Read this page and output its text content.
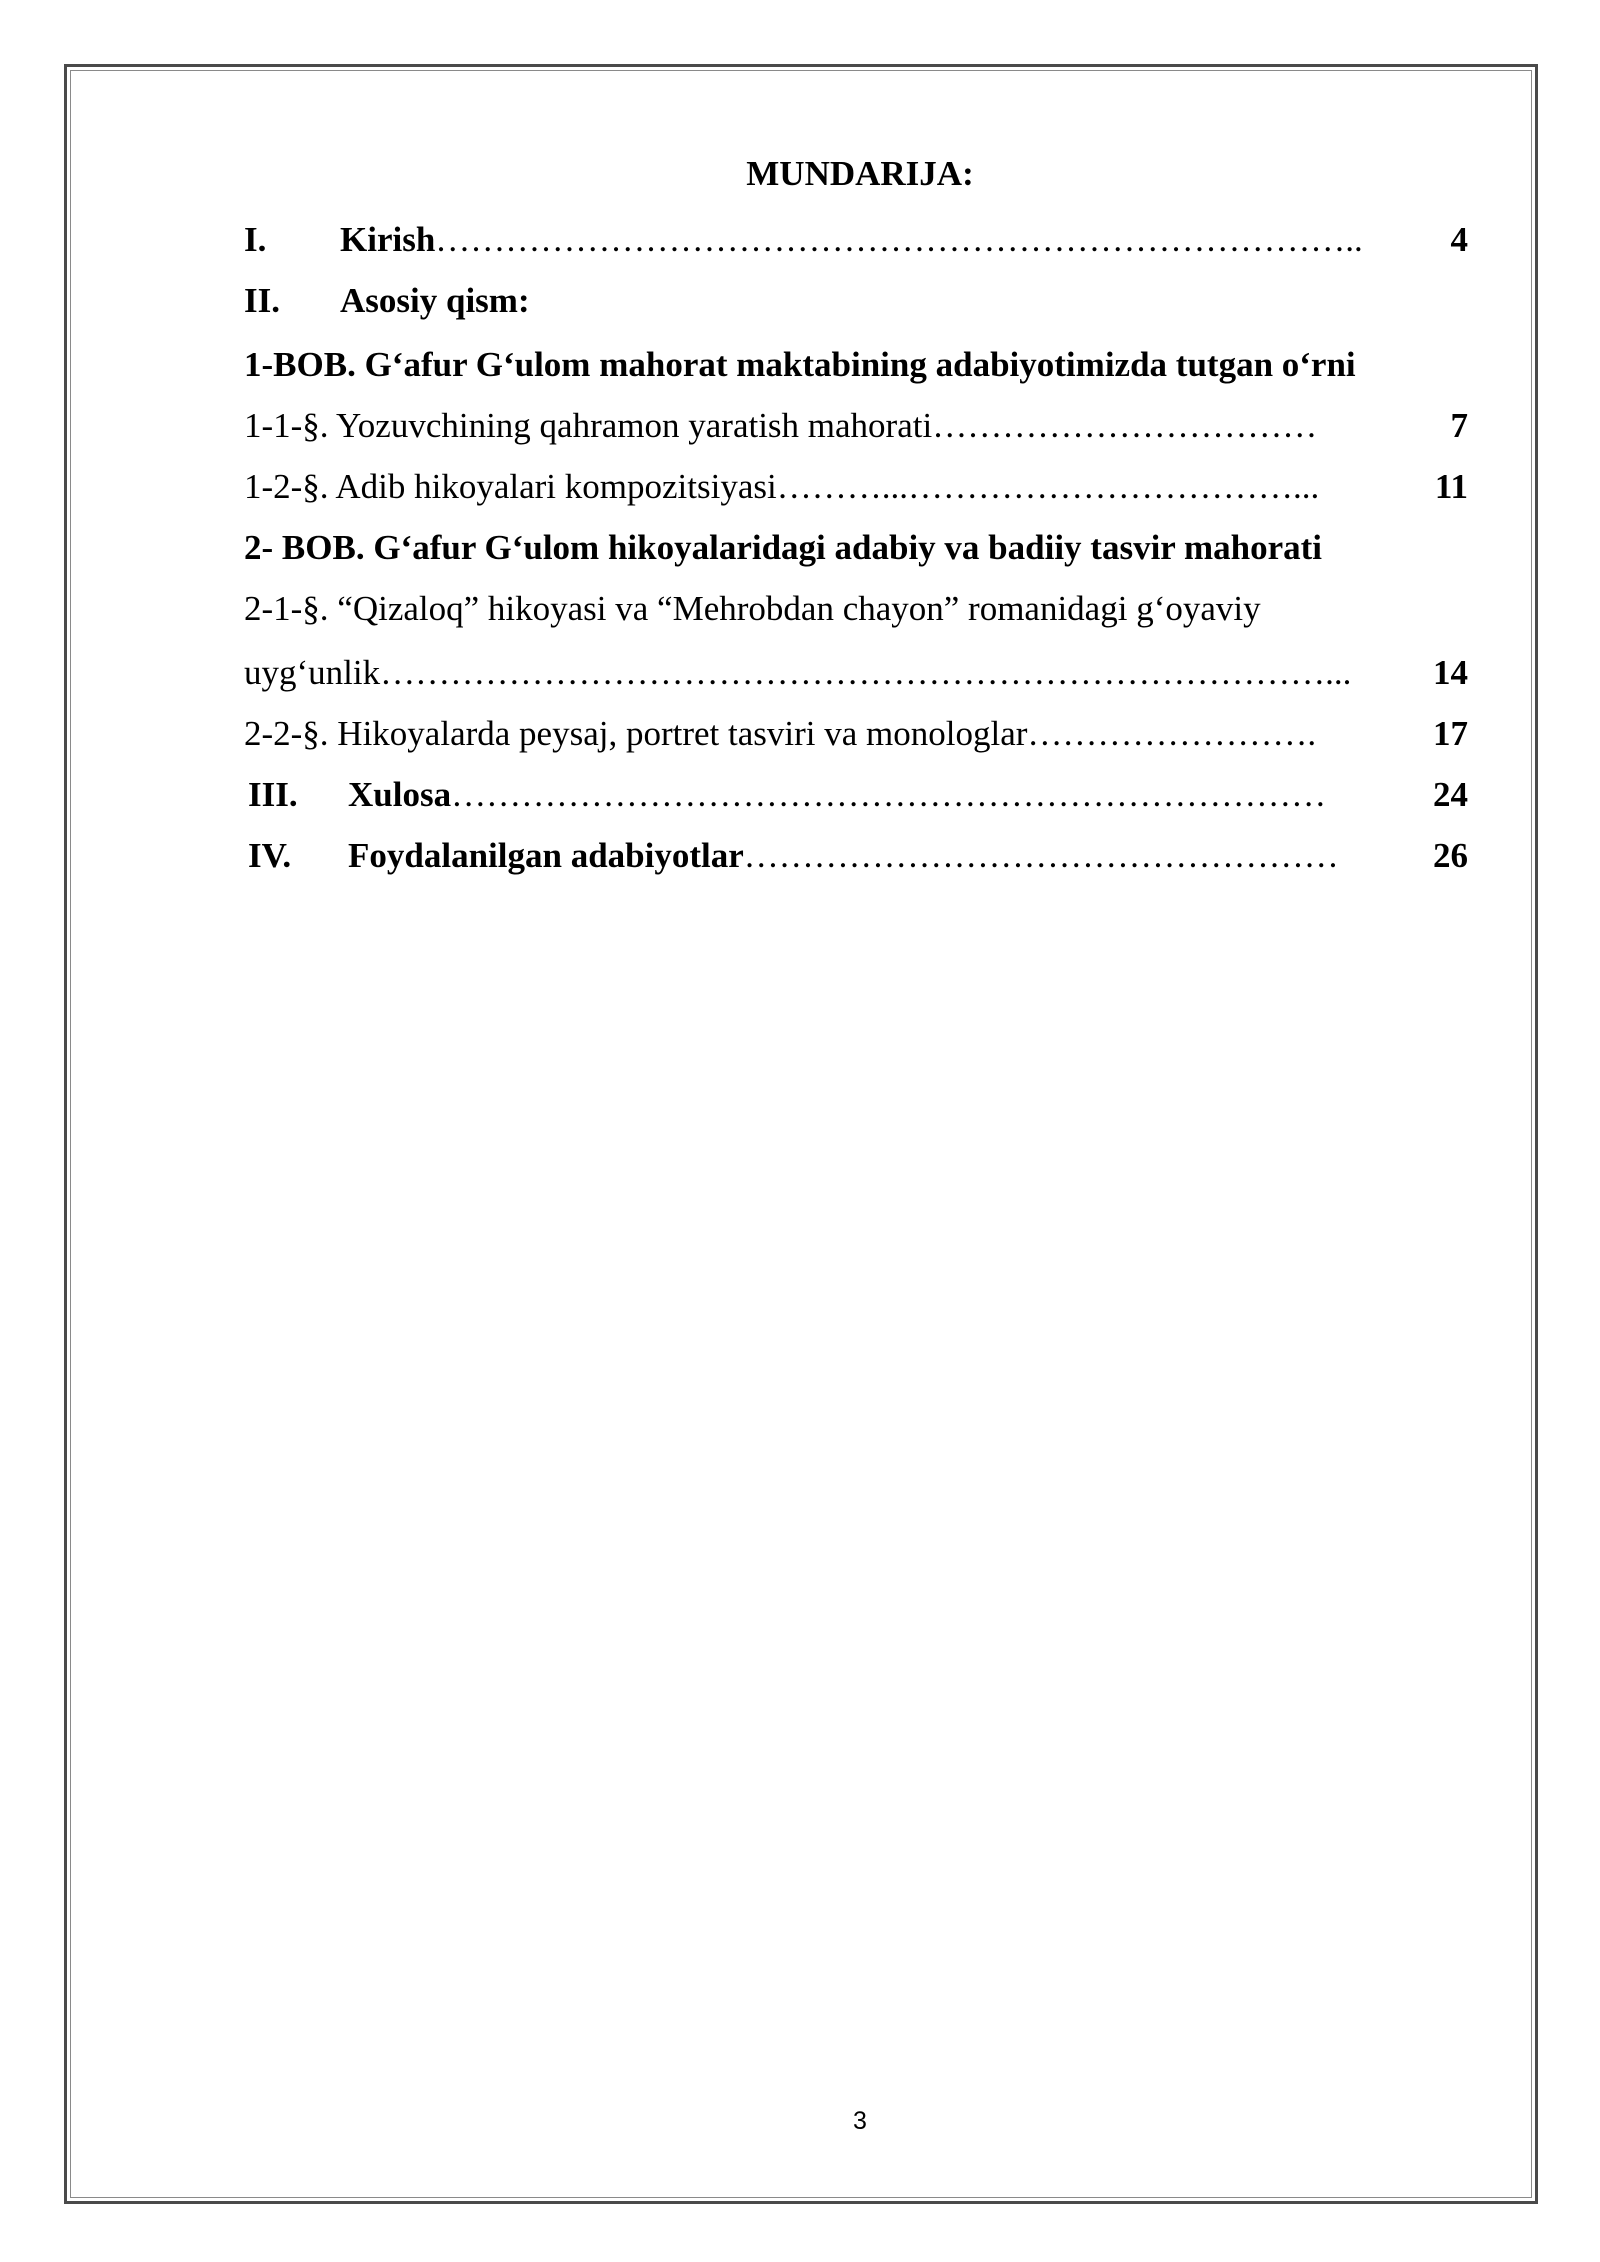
MUNDARIJA:
I.	Kirish ……………………………………………………………………..	4
II.	Asosiy qism:
1-BOB. G‘afur G‘ulom mahorat maktabining adabiyotimizda tutgan o‘rni
1-1-§. Yozuvchining qahramon yaratish mahorati ……………………………	7
1-2-§. Adib hikoyalari kompozitsiyasi ………...……………………………...	11
2- BOB. G‘afur G‘ulom hikoyalaridagi adabiy va badiiy tasvir mahorati
2-1-§. “Qizaloq” hikoyasi va “Mehrobdan chayon” romanidagi g‘oyaviy
uyg‘unlik ………………………………………………………………………...	14
2-2-§. Hikoyalarda peysaj, portret tasviri va monologlar …………………….	17
III.	Xulosa …………………………………………………………………	24
IV.	Foydalanilgan adabiyotlar ……………………………………………	26
3
